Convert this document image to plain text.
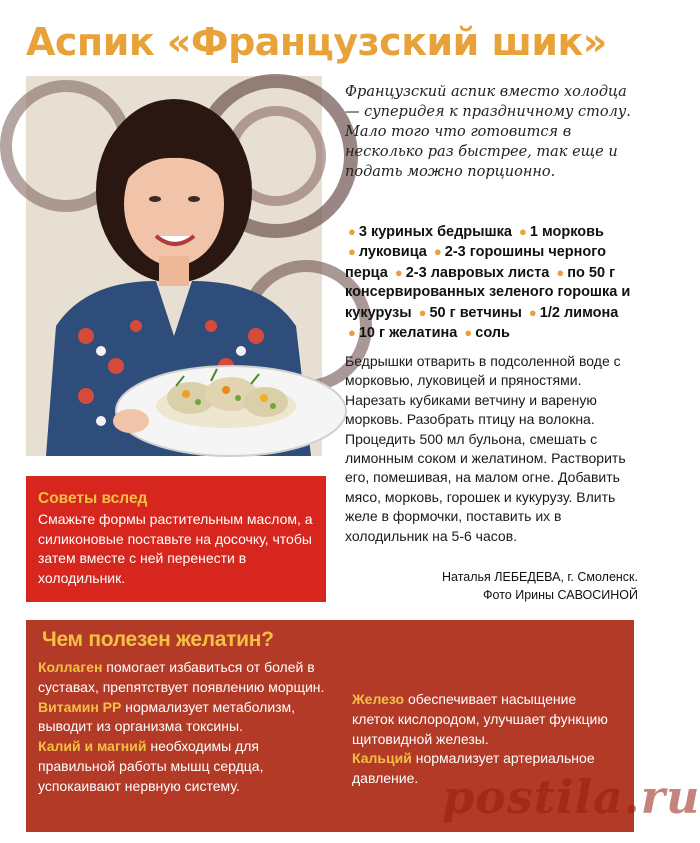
Аспик «Французский шик»
Французский аспик вместо холодца — суперидея к праздничному столу. Мало того что готовится в несколько раз быстрее, так еще и подать можно порционно.
● 3 куриных бедрышка ● 1 морковь ● луковица ● 2-3 горошины черного перца ● 2-3 лавровых листа ● по 50 г консервированных зеленого горошка и кукурузы ● 50 г ветчины ● 1/2 лимона ● 10 г желатина ● соль
Бедрышки отварить в подсоленной воде с морковью, луковицей и пряностями. Нарезать кубиками ветчину и вареную морковь. Разобрать птицу на волокна. Процедить 500 мл бульона, смешать с лимонным соком и желатином. Растворить его, помешивая, на малом огне. Добавить мясо, морковь, горошек и кукурузу. Влить желе в формочки, поставить их в холодильник на 5-6 часов.
Наталья ЛЕБЕДЕВА, г. Смоленск.
Фото Ирины САВОСИНОЙ
Советы вслед

Смажьте формы растительным маслом, а силиконовые поставьте на досочку, чтобы затем вместе с ней перенести в холодильник.

Чем полезен желатин?
Коллаген помогает избавиться от болей в суставах, препятствует появлению морщин.
Витамин PP нормализует метаболизм, выводит из организма токсины.
Калий и магний необходимы для правильной работы мышц сердца, успокаивают нервную систему.
Железо обеспечивает насыщение клеток кислородом, улучшает функцию щитовидной железы.
Кальций нормализует артериальное давление. postila.ru
